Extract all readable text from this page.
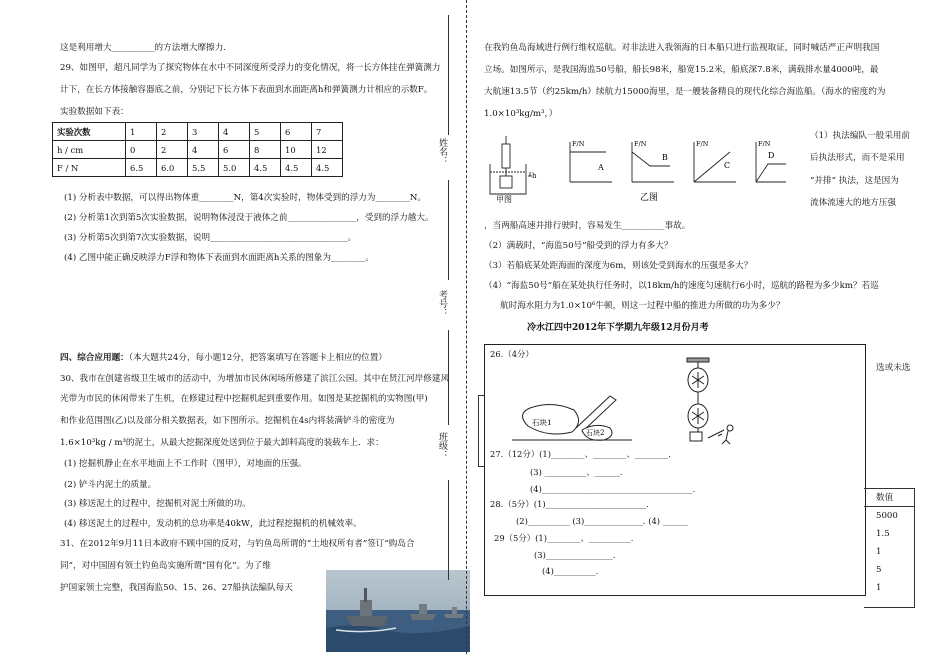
这是利用增大__________的方法增大摩擦力.
29、如图甲，超凡同学为了探究物体在水中不同深度所受浮力的变化情况，将一长方体挂在弹簧测力
计下，在长方体接触容器底之前，分别记下长方体下表面到水面距离h和弹簧测力计相应的示数F。
实验数据如下表：
实验次数	1	2	3	4	5	6	7
h / cm	0	2	4	6	8	10	12
F / N	6.5	6.0	5.5	5.0	4.5	4.5	4.5
(1) 分析表中数据，可以得出物体重________N，第4次实验时，物体受到的浮力为________N。
(2) 分析第1次到第5次实验数据，说明物体浸没于液体之前________________，受到的浮力越大。
(3) 分析第5次到第7次实验数据，说明________________________________。
(4) 乙图中能正确反映浮力F浮和物体下表面到水面距离h关系的图象为________。
四、综合应用题：（本大题共24分，每小题12分，把答案填写在答题卡上相应的位置）
30、我市在创建省级卫生城市的活动中，为增加市民休闲场所修建了滨江公园。其中在贤江河岸修建风
光带为市民的休闲带来了生机，在修建过程中挖掘机起到重要作用。如图是某挖掘机的实物图(甲)
和作业范围图(乙)以及部分相关数据表，如下图所示。挖掘机在4s内将装满铲斗的密度为
1.6×10³kg / m³的泥土，从最大挖掘深度处送到位于最大卸料高度的装载车上．求：
(1) 挖掘机静止在水平地面上不工作时（图甲），对地面的压强。
(2) 铲斗内泥土的质量。
(3) 移送泥土的过程中，挖掘机对泥土所做的功。
(4) 移送泥土的过程中，发动机的总功率是40kW，此过程挖掘机的机械效率。
31、在2012年9月11日本政府不顾中国的反对，与钓鱼岛所谓的“土地权所有者”签订“购岛合
同”，对中国固有领土钓鱼岛实施所谓“国有化”。为了维
护国家领土完整，我国海监50、15、26、27船执法编队每天
姓名：
考号：
班级：
在我钓鱼岛海域进行例行维权巡航。对非法进入我领海的日本船只进行监视取证，同时喊话严正声明我国
立场。如图所示，是我国海监50号船，船长98米，船宽15.2米，船底深7.8米，满载排水量4000吨，最
大航速13.5节（约25km/h）续航力15000海里，是一艘装备精良的现代化综合海监船。（海水的密度约为
1.0×10³kg/m³，）
h
F/N
A
F/N
B
F/N
C
F/N
D
甲图	乙图
（1）执法编队一般采用前
后执法形式，而不是采用
“并排” 执法，这是因为
流体流速大的地方压强
，当两船高速并排行驶时，容易发生__________事故。
（2）满载时，“海监50号”船受到的浮力有多大？
（3）若船底某处距海面的深度为6m，则该处受到海水的压强是多大？
（4）“海监50号”船在某处执行任务时，以18km/h的速度匀速航行6小时，巡航的路程为多少km？若巡
航时海水阻力为1.0×10⁶牛顿，则这一过程中船的推进力所做的功为多少？
冷水江四中2012年下学期九年级12月份月考
选或未选
26.（4分）
石块1
石块2
27.（12分）(1)________、________、________.
(3) __________、______.
(4)____________________________________.
28.（5分）(1)________________________.
(2)__________ (3)______________. (4) ______
29（5分）(1)________、__________.
(3)________________.
(4)__________.
数值
5000
1.5
1
5
1
